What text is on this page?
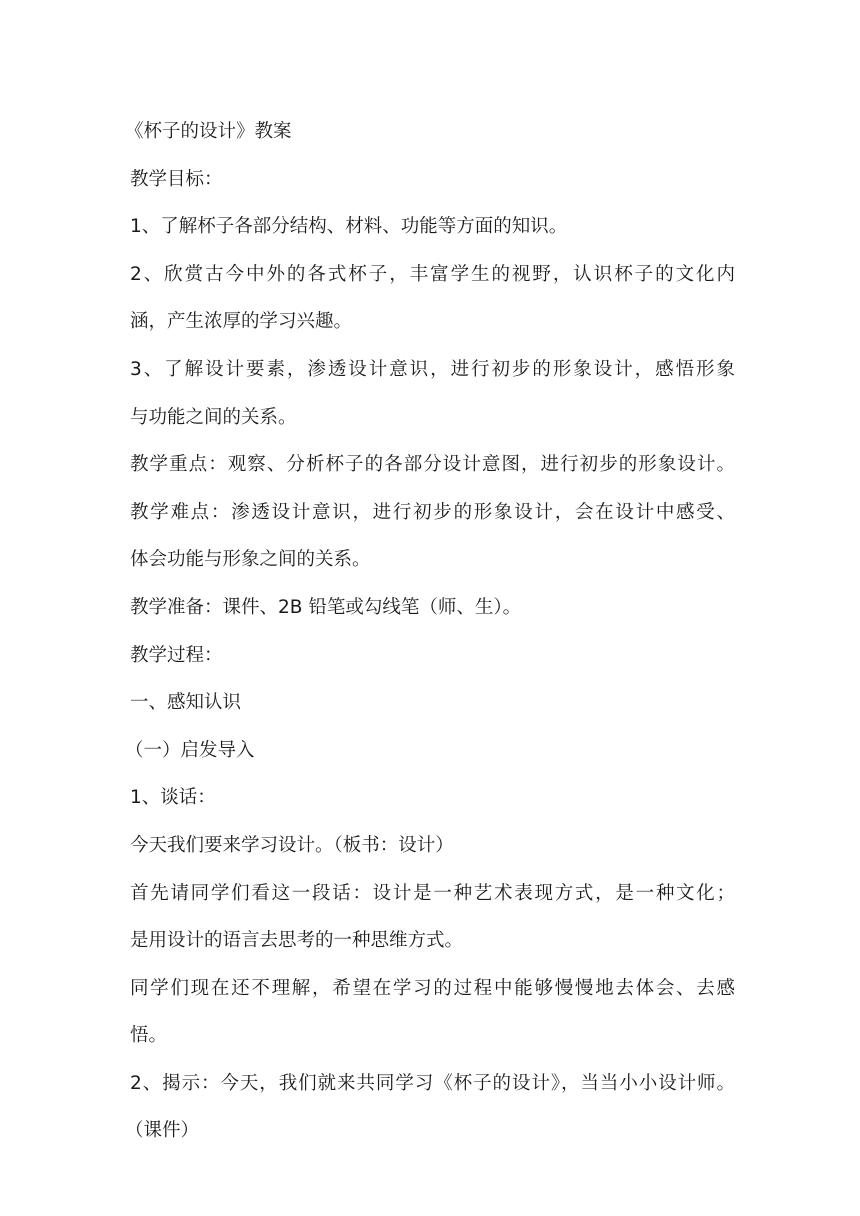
《杯子的设计》教案
教学目标：
1、了解杯子各部分结构、材料、功能等方面的知识。
2、欣赏古今中外的各式杯子，丰富学生的视野，认识杯子的文化内
涵，产生浓厚的学习兴趣。
3、了解设计要素，渗透设计意识，进行初步的形象设计，感悟形象
与功能之间的关系。
教学重点：观察、分析杯子的各部分设计意图，进行初步的形象设计。
教学难点：渗透设计意识，进行初步的形象设计，会在设计中感受、
体会功能与形象之间的关系。
教学准备：课件、2B 铅笔或勾线笔（师、生）。
教学过程：
一、感知认识
（一）启发导入
1、谈话：
今天我们要来学习设计。（板书：设计）
首先请同学们看这一段话：设计是一种艺术表现方式，是一种文化；
是用设计的语言去思考的一种思维方式。
同学们现在还不理解，希望在学习的过程中能够慢慢地去体会、去感
悟。
2、揭示：今天，我们就来共同学习《杯子的设计》，当当小小设计师。
（课件）
